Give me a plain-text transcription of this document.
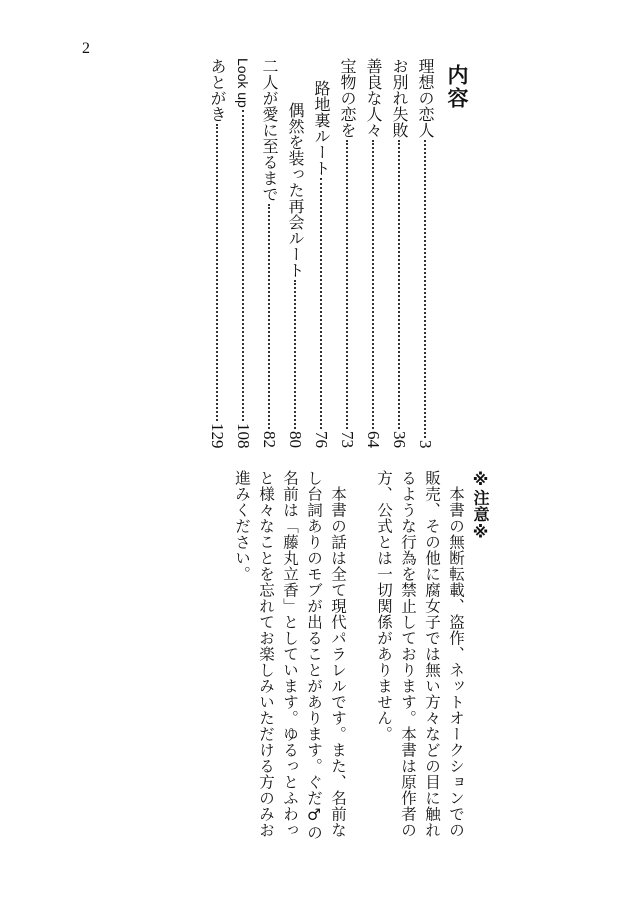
2
内容
理想の恋人
3
お別れ失敗
36
善良な人々
64
宝物の恋を
73
路地裏ルート
76
偶然を装った再会ルート
80
二人が愛に至るまで
82
Look up
108
あとがき
129
※注意※

本書の無断転載、盗作、ネットオークションでの販売、その他に腐女子では無い方々などの目に触れるような行為を禁止しております。本書は原作者の方、公式とは一切関係がありません。

本書の話は全て現代パラレルです。また、名前なし台詞ありのモブが出ることがあります。ぐだ♂の名前は「藤丸立香」としています。ゆるっとふわっと様々なことを忘れてお楽しみいただける方のみお進みください。
